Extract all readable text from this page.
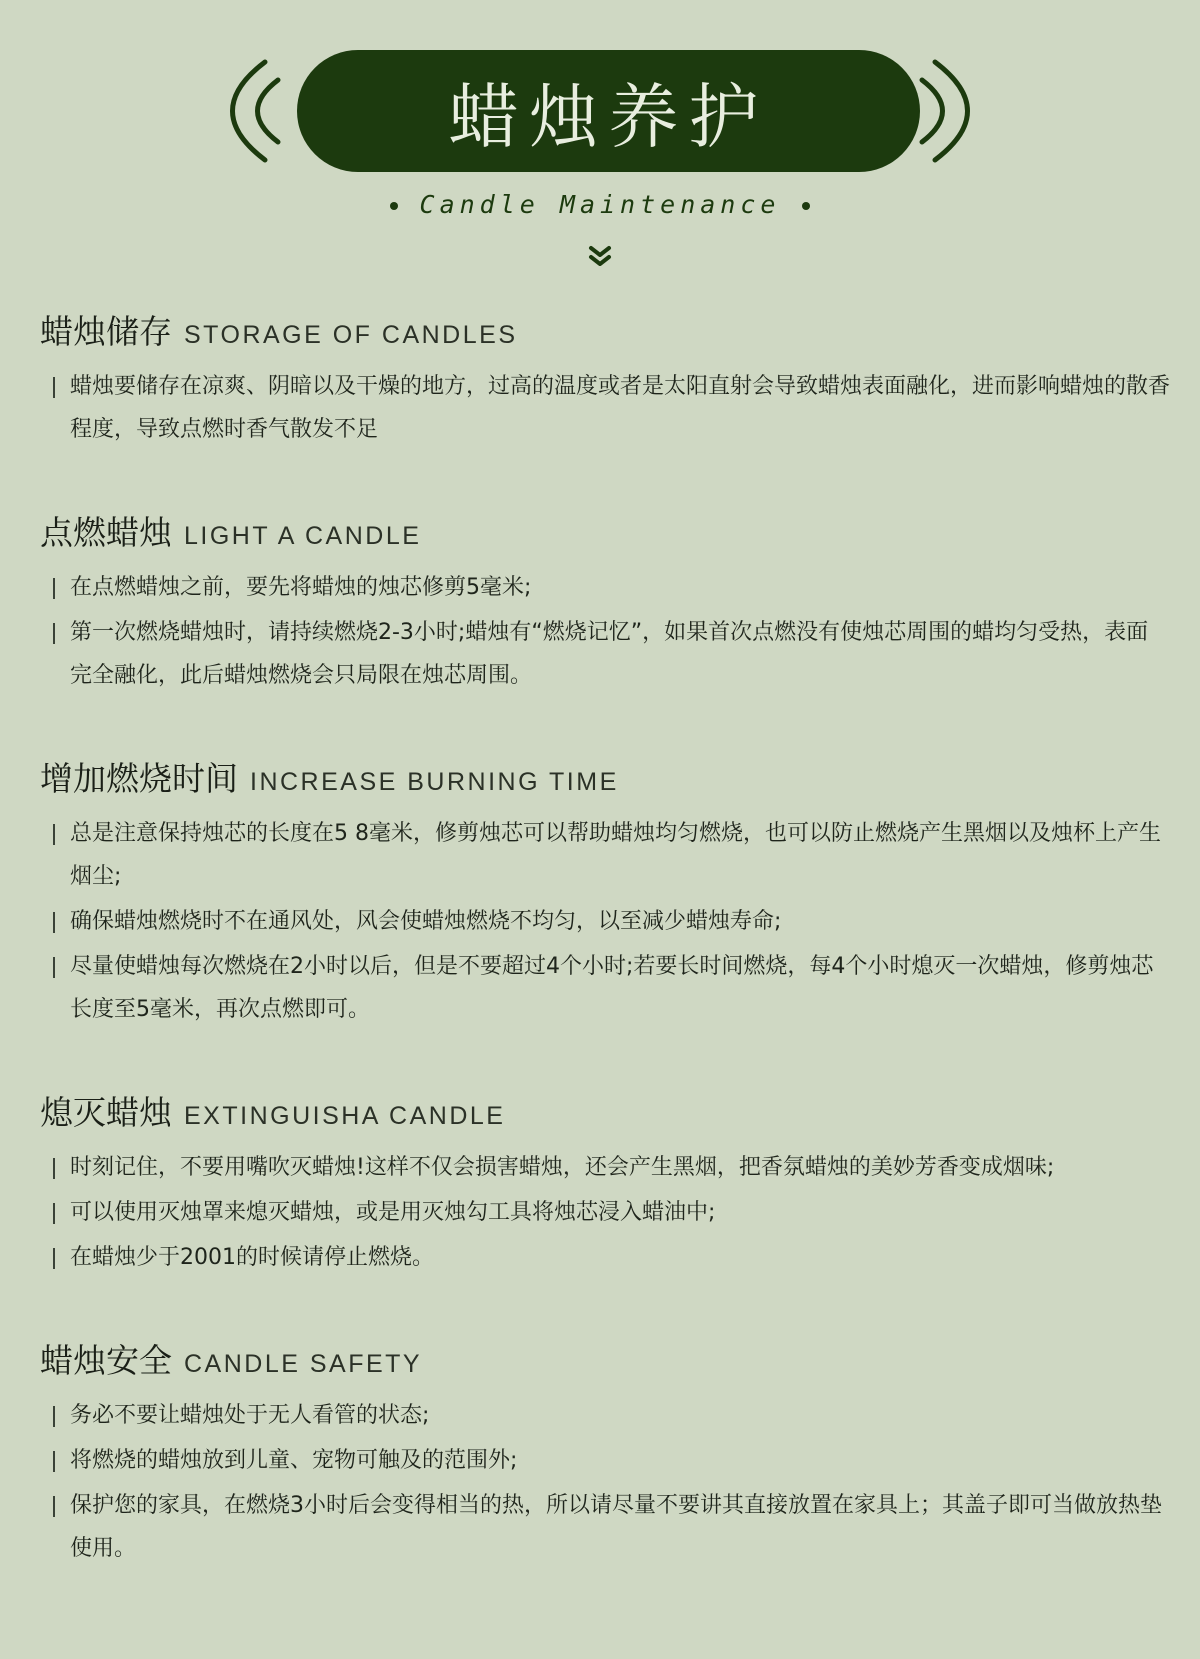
蜡烛养护
Candle Maintenance
蜡烛储存 STORAGE OF CANDLES
蜡烛要储存在凉爽、阴暗以及干燥的地方，过高的温度或者是太阳直射会导致蜡烛表面融化，进而影响蜡烛的散香程度，导致点燃时香气散发不足
点燃蜡烛 LIGHT A CANDLE
在点燃蜡烛之前，要先将蜡烛的烛芯修剪5毫米;
第一次燃烧蜡烛时，请持续燃烧2-3小时;蜡烛有“燃烧记忆”，如果首次点燃没有使烛芯周围的蜡均匀受热，表面完全融化，此后蜡烛燃烧会只局限在烛芯周围。
增加燃烧时间 INCREASE BURNING TIME
总是注意保持烛芯的长度在5 8毫米，修剪烛芯可以帮助蜡烛均匀燃烧，也可以防止燃烧产生黑烟以及烛杯上产生烟尘;
确保蜡烛燃烧时不在通风处，风会使蜡烛燃烧不均匀，以至减少蜡烛寿命;
尽量使蜡烛每次燃烧在2小时以后，但是不要超过4个小时;若要长时间燃烧，每4个小时熄灭一次蜡烛，修剪烛芯长度至5毫米，再次点燃即可。
熄灭蜡烛 EXTINGUISHA CANDLE
时刻记住，不要用嘴吹灭蜡烛!这样不仅会损害蜡烛，还会产生黑烟，把香氛蜡烛的美妙芳香变成烟味;
可以使用灭烛罩来熄灭蜡烛，或是用灭烛勾工具将烛芯浸入蜡油中;
在蜡烛少于2001的时候请停止燃烧。
蜡烛安全 CANDLE SAFETY
务必不要让蜡烛处于无人看管的状态;
将燃烧的蜡烛放到儿童、宠物可触及的范围外;
保护您的家具，在燃烧3小时后会变得相当的热，所以请尽量不要讲其直接放置在家具上；其盖子即可当做放热垫使用。
